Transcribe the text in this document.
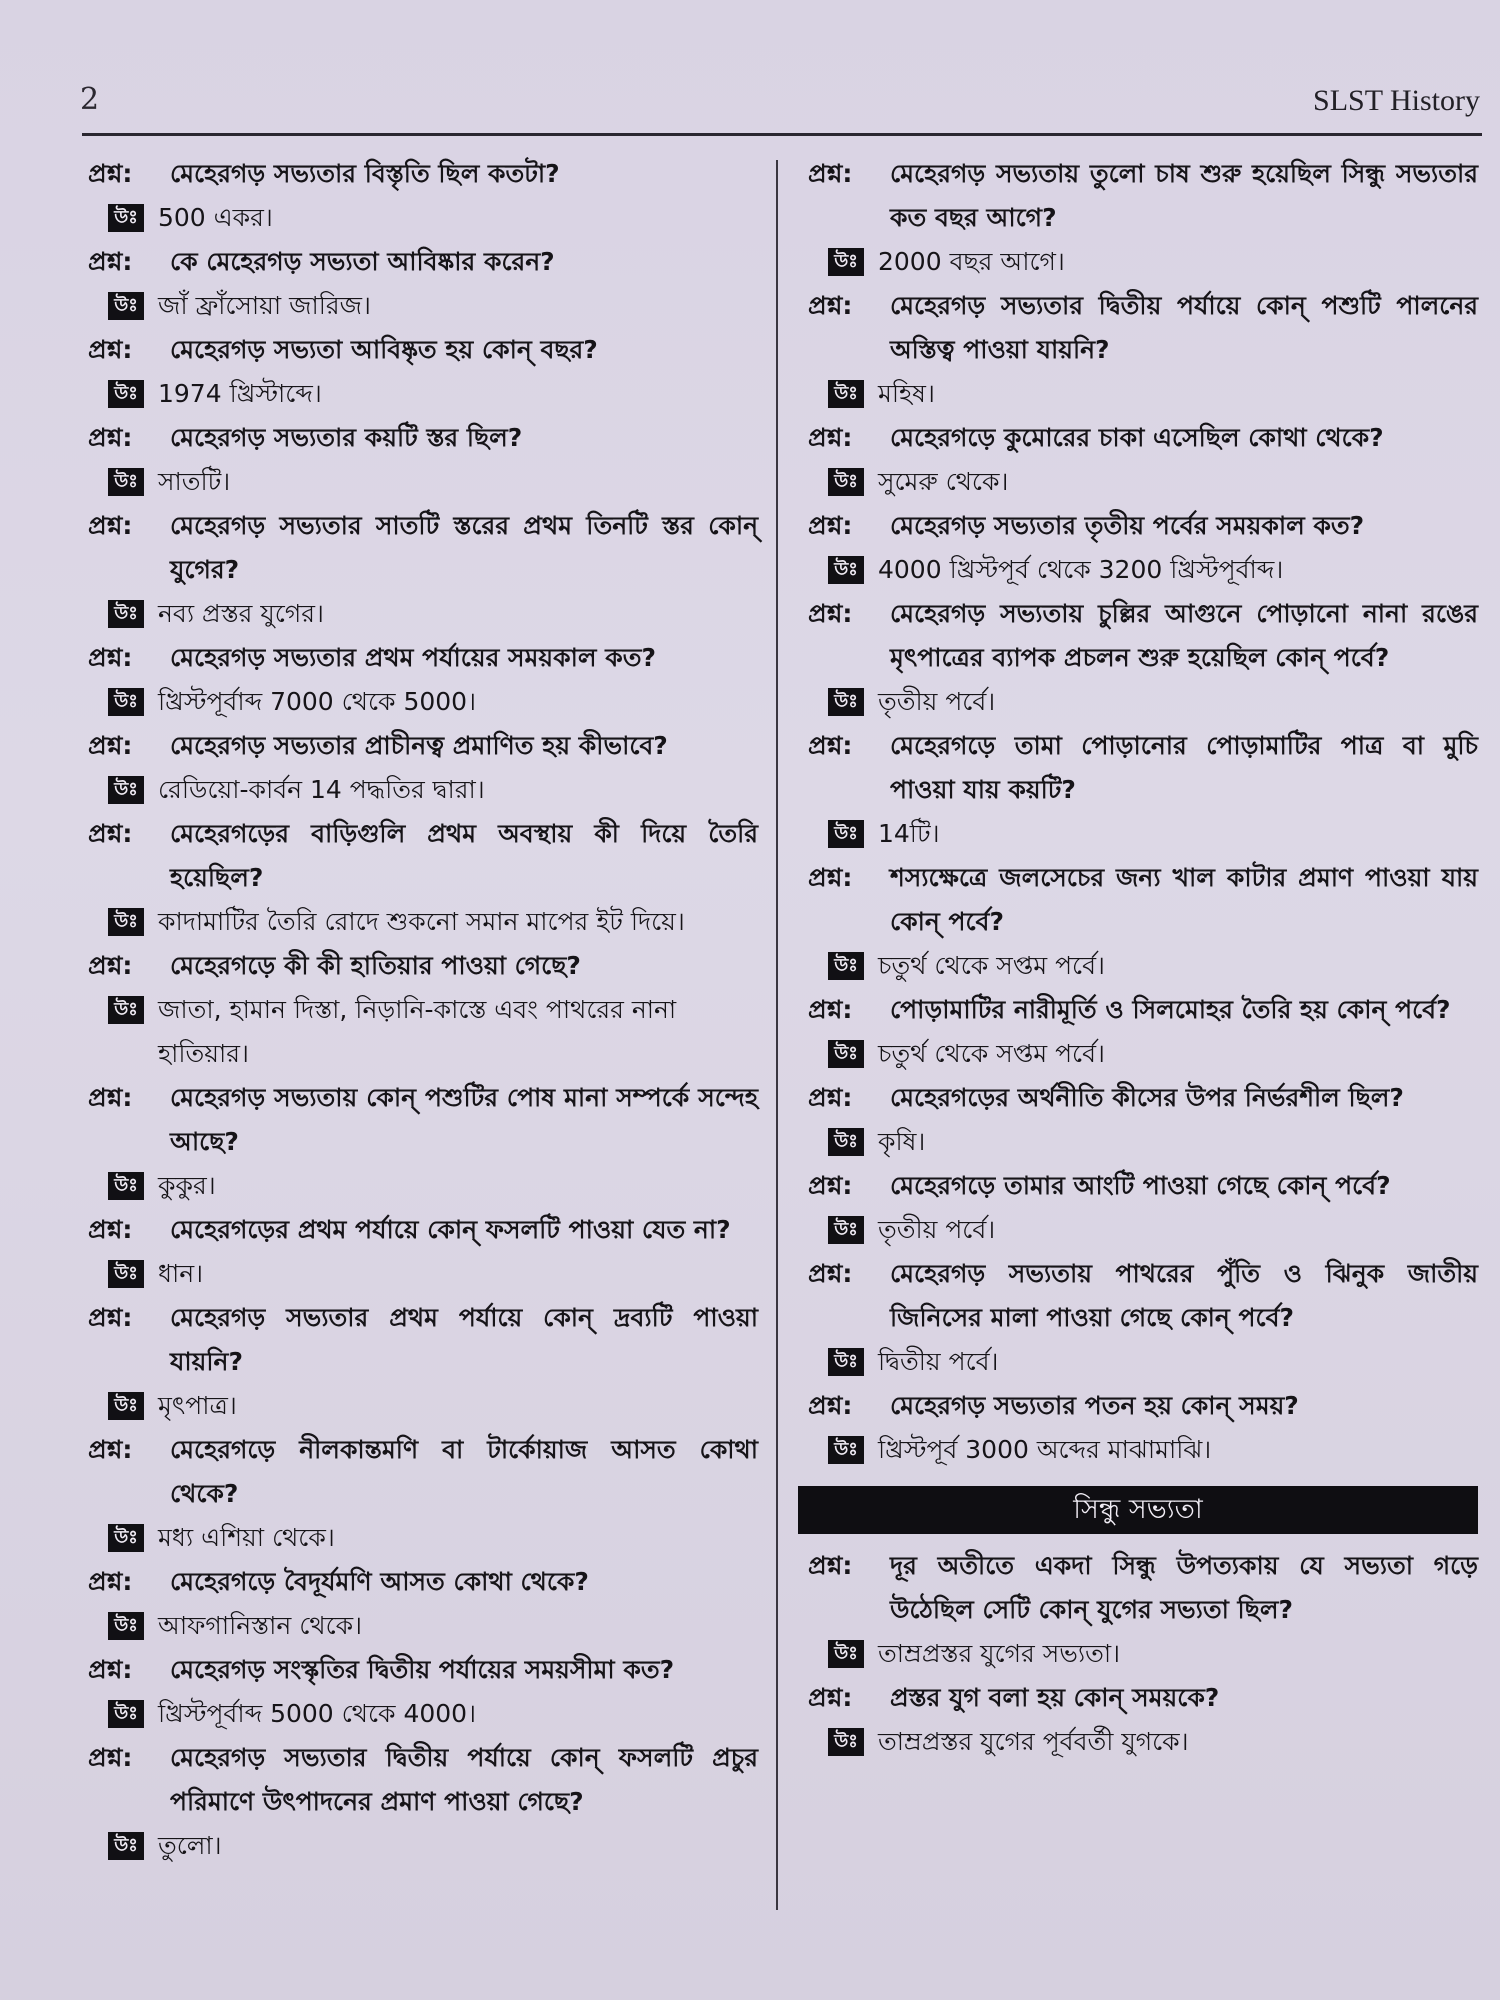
2	SLST History
প্রশ্ন:	মেহেরগড় সভ্যতার বিস্তৃতি ছিল কতটা?
উঃ 500 একর।
প্রশ্ন:	কে মেহেরগড় সভ্যতা আবিষ্কার করেন?
উঃ জাঁ ফ্রাঁসোয়া জারিজ।
প্রশ্ন:	মেহেরগড় সভ্যতা আবিষ্কৃত হয় কোন্ বছর?
উঃ 1974 খ্রিস্টাব্দে।
প্রশ্ন:	মেহেরগড় সভ্যতার কয়টি স্তর ছিল?
উঃ সাতটি।
প্রশ্ন:	মেহেরগড় সভ্যতার সাতটি স্তরের প্রথম তিনটি স্তর কোন্ যুগের?
উঃ নব্য প্রস্তর যুগের।
প্রশ্ন:	মেহেরগড় সভ্যতার প্রথম পর্যায়ের সময়কাল কত?
উঃ খ্রিস্টপূর্বাব্দ 7000 থেকে 5000।
প্রশ্ন:	মেহেরগড় সভ্যতার প্রাচীনত্ব প্রমাণিত হয় কীভাবে?
উঃ রেডিয়ো-কার্বন 14 পদ্ধতির দ্বারা।
প্রশ্ন:	মেহেরগড়ের বাড়িগুলি প্রথম অবস্থায় কী দিয়ে তৈরি হয়েছিল?
উঃ কাদামাটির তৈরি রোদে শুকনো সমান মাপের ইট দিয়ে।
প্রশ্ন:	মেহেরগড়ে কী কী হাতিয়ার পাওয়া গেছে?
উঃ জাতা, হামান দিস্তা, নিড়ানি-কাস্তে এবং পাথরের নানা হাতিয়ার।
প্রশ্ন:	মেহেরগড় সভ্যতায় কোন্ পশুটির পোষ মানা সম্পর্কে সন্দেহ আছে?
উঃ কুকুর।
প্রশ্ন:	মেহেরগড়ের প্রথম পর্যায়ে কোন্ ফসলটি পাওয়া যেত না?
উঃ ধান।
প্রশ্ন:	মেহেরগড় সভ্যতার প্রথম পর্যায়ে কোন্ দ্রব্যটি পাওয়া যায়নি?
উঃ মৃৎপাত্র।
প্রশ্ন:	মেহেরগড়ে নীলকান্তমণি বা টার্কোয়াজ আসত কোথা থেকে?
উঃ মধ্য এশিয়া থেকে।
প্রশ্ন:	মেহেরগড়ে বৈদূর্যমণি আসত কোথা থেকে?
উঃ আফগানিস্তান থেকে।
প্রশ্ন:	মেহেরগড় সংস্কৃতির দ্বিতীয় পর্যায়ের সময়সীমা কত?
উঃ খ্রিস্টপূর্বাব্দ 5000 থেকে 4000।
প্রশ্ন:	মেহেরগড় সভ্যতার দ্বিতীয় পর্যায়ে কোন্ ফসলটি প্রচুর পরিমাণে উৎপাদনের প্রমাণ পাওয়া গেছে?
উঃ তুলো।
প্রশ্ন:	মেহেরগড় সভ্যতায় তুলো চাষ শুরু হয়েছিল সিন্ধু সভ্যতার কত বছর আগে?
উঃ 2000 বছর আগে।
প্রশ্ন:	মেহেরগড় সভ্যতার দ্বিতীয় পর্যায়ে কোন্ পশুটি পালনের অস্তিত্ব পাওয়া যায়নি?
উঃ মহিষ।
প্রশ্ন:	মেহেরগড়ে কুমোরের চাকা এসেছিল কোথা থেকে?
উঃ সুমেরু থেকে।
প্রশ্ন:	মেহেরগড় সভ্যতার তৃতীয় পর্বের সময়কাল কত?
উঃ 4000 খ্রিস্টপূর্ব থেকে 3200 খ্রিস্টপূর্বাব্দ।
প্রশ্ন:	মেহেরগড় সভ্যতায় চুল্লির আগুনে পোড়ানো নানা রঙের মৃৎপাত্রের ব্যাপক প্রচলন শুরু হয়েছিল কোন্ পর্বে?
উঃ তৃতীয় পর্বে।
প্রশ্ন:	মেহেরগড়ে তামা পোড়ানোর পোড়ামাটির পাত্র বা মুচি পাওয়া যায় কয়টি?
উঃ 14টি।
প্রশ্ন:	শস্যক্ষেত্রে জলসেচের জন্য খাল কাটার প্রমাণ পাওয়া যায় কোন্ পর্বে?
উঃ চতুর্থ থেকে সপ্তম পর্বে।
প্রশ্ন:	পোড়ামাটির নারীমূর্তি ও সিলমোহর তৈরি হয় কোন্ পর্বে?
উঃ চতুর্থ থেকে সপ্তম পর্বে।
প্রশ্ন:	মেহেরগড়ের অর্থনীতি কীসের উপর নির্ভরশীল ছিল?
উঃ কৃষি।
প্রশ্ন:	মেহেরগড়ে তামার আংটি পাওয়া গেছে কোন্ পর্বে?
উঃ তৃতীয় পর্বে।
প্রশ্ন:	মেহেরগড় সভ্যতায় পাথরের পুঁতি ও ঝিনুক জাতীয় জিনিসের মালা পাওয়া গেছে কোন্ পর্বে?
উঃ দ্বিতীয় পর্বে।
প্রশ্ন:	মেহেরগড় সভ্যতার পতন হয় কোন্ সময়?
উঃ খ্রিস্টপূর্ব 3000 অব্দের মাঝামাঝি।
সিন্ধু সভ্যতা
প্রশ্ন:	দূর অতীতে একদা সিন্ধু উপত্যকায় যে সভ্যতা গড়ে উঠেছিল সেটি কোন্ যুগের সভ্যতা ছিল?
উঃ তাম্রপ্রস্তর যুগের সভ্যতা।
প্রশ্ন:	প্রস্তর যুগ বলা হয় কোন্ সময়কে?
উঃ তাম্রপ্রস্তর যুগের পূর্ববর্তী যুগকে।
